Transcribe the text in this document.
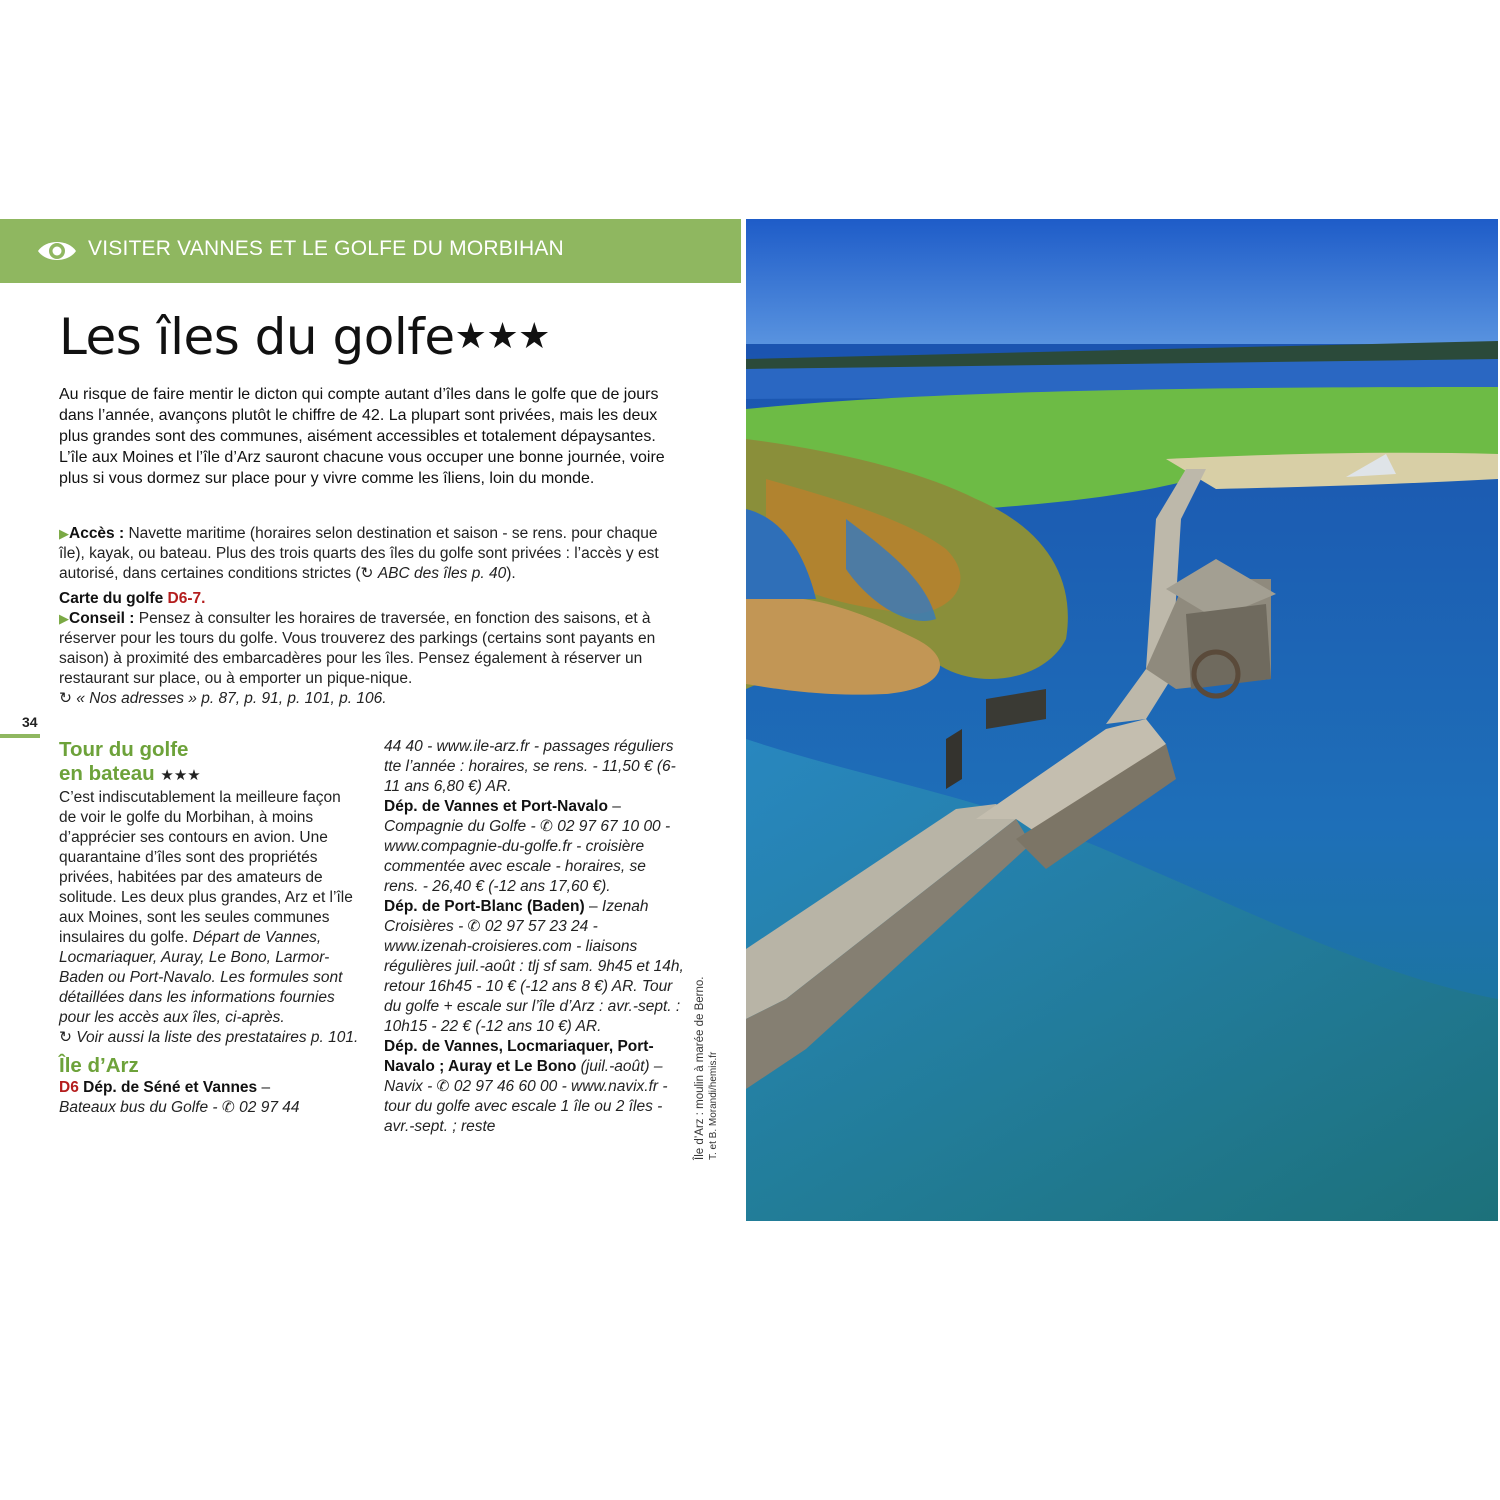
VISITER VANNES ET LE GOLFE DU MORBIHAN
Les îles du golfe★★★

Au risque de faire mentir le dicton qui compte autant d’îles dans le golfe que de jours dans l’année, avançons plutôt le chiffre de 42. La plupart sont privées, mais les deux plus grandes sont des communes, aisément accessibles et totalement dépaysantes. L’île aux Moines et l’île d’Arz sauront chacune vous occuper une bonne journée, voire plus si vous dormez sur place pour y vivre comme les îliens, loin du monde.

▶Accès : Navette maritime (horaires selon destination et saison - se rens. pour chaque île), kayak, ou bateau. Plus des trois quarts des îles du golfe sont privées : l’accès y est autorisé, dans certaines conditions strictes (↻ ABC des îles p. 40).

Carte du golfe D6-7.

▶Conseil : Pensez à consulter les horaires de traversée, en fonction des saisons, et à réserver pour les tours du golfe. Vous trouverez des parkings (certains sont payants en saison) à proximité des embarcadères pour les îles. Pensez également à réserver un restaurant sur place, ou à emporter un pique-nique.
↻ « Nos adresses » p. 87, p. 91, p. 101, p. 106.

34
Tour du golfe
en bateau ★★★

C’est indiscutablement la meilleure façon de voir le golfe du Morbihan, à moins d’apprécier ses contours en avion. Une quarantaine d’îles sont des propriétés privées, habitées par des amateurs de solitude. Les deux plus grandes, Arz et l’île aux Moines, sont les seules communes insulaires du golfe. Départ de Vannes, Locmariaquer, Auray, Le Bono, Larmor-Baden ou Port-Navalo. Les formules sont détaillées dans les informations fournies pour les accès aux îles, ci-après.
↻ Voir aussi la liste des prestataires p. 101.

Île d’Arz

D6 Dép. de Séné et Vannes –
Bateaux bus du Golfe - ✆ 02 97 44

44 40 - www.ile-arz.fr - passages réguliers tte l’année : horaires, se rens. - 11,50 € (6-11 ans 6,80 €) AR.

Dép. de Vannes et Port-Navalo – Compagnie du Golfe - ✆ 02 97 67 10 00 - www.compagnie-du-golfe.fr - croisière commentée avec escale - horaires, se rens. - 26,40 € (-12 ans 17,60 €).

Dép. de Port-Blanc (Baden) – Izenah Croisières - ✆ 02 97 57 23 24 - www.izenah-croisieres.com - liaisons régulières juil.-août : tlj sf sam. 9h45 et 14h, retour 16h45 - 10 € (-12 ans 8 €) AR. Tour du golfe + escale sur l’île d’Arz : avr.-sept. : 10h15 - 22 € (-12 ans 10 €) AR.

Dép. de Vannes, Locmariaquer, Port-Navalo ; Auray et Le Bono (juil.-août) – Navix - ✆ 02 97 46 60 00 - www.navix.fr - tour du golfe avec escale 1 île ou 2 îles - avr.-sept. ; reste	Île d’Arz : moulin à marée de Berno. T. et B. Morandi/hemis.fr
